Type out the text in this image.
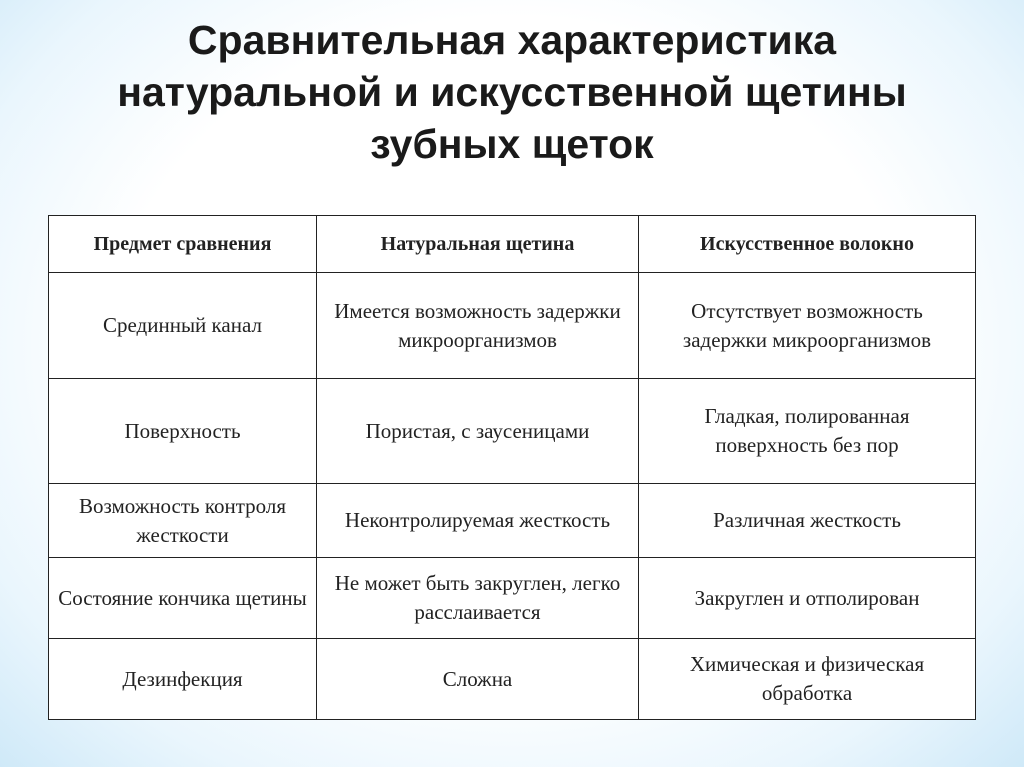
Сравнительная характеристика
натуральной и искусственной щетины
зубных щеток
Предмет сравнения	Натуральная щетина	Искусственное волокно
Срединный канал	Имеется возможность задержки микроорганизмов	Отсутствует возможность задержки микроорганизмов
Поверхность	Пористая, с заусеницами	Гладкая, полированная поверхность без пор
Возможность контроля жесткости	Неконтролируемая жесткость	Различная жесткость
Состояние кончика щетины	Не может быть закруглен, легко расслаивается	Закруглен и отполирован
Дезинфекция	Сложна	Химическая и физическая обработка
